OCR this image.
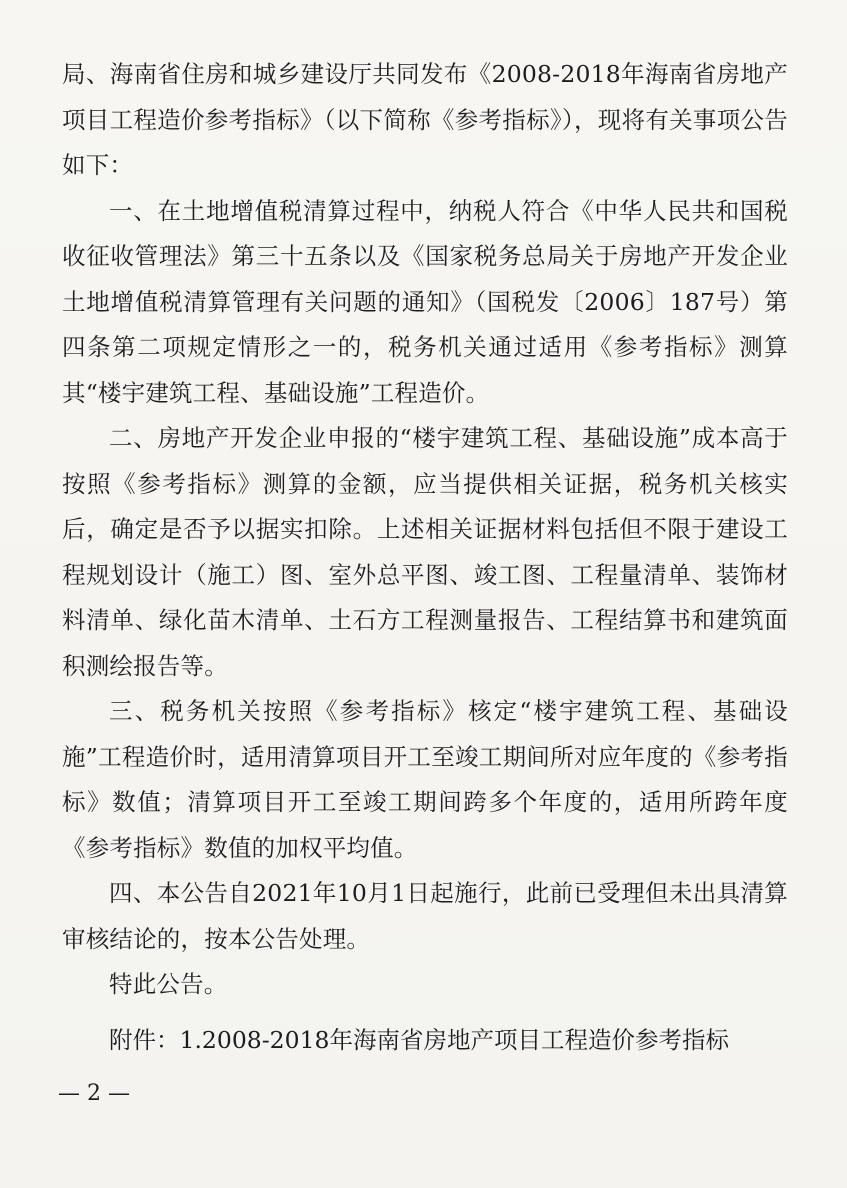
局、海南省住房和城乡建设厅共同发布《2008-2018年海南省房地产项目工程造价参考指标》（以下简称《参考指标》），现将有关事项公告如下：

一、在土地增值税清算过程中，纳税人符合《中华人民共和国税收征收管理法》第三十五条以及《国家税务总局关于房地产开发企业土地增值税清算管理有关问题的通知》（国税发〔2006〕187号）第四条第二项规定情形之一的，税务机关通过适用《参考指标》测算其“楼宇建筑工程、基础设施”工程造价。

二、房地产开发企业申报的“楼宇建筑工程、基础设施”成本高于按照《参考指标》测算的金额，应当提供相关证据，税务机关核实后，确定是否予以据实扣除。上述相关证据材料包括但不限于建设工程规划设计（施工）图、室外总平图、竣工图、工程量清单、装饰材料清单、绿化苗木清单、土石方工程测量报告、工程结算书和建筑面积测绘报告等。

三、税务机关按照《参考指标》核定“楼宇建筑工程、基础设施”工程造价时，适用清算项目开工至竣工期间所对应年度的《参考指标》数值；清算项目开工至竣工期间跨多个年度的，适用所跨年度《参考指标》数值的加权平均值。

四、本公告自2021年10月1日起施行，此前已受理但未出具清算审核结论的，按本公告处理。

特此公告。

附件：1.2008-2018年海南省房地产项目工程造价参考指标
— 2 —
